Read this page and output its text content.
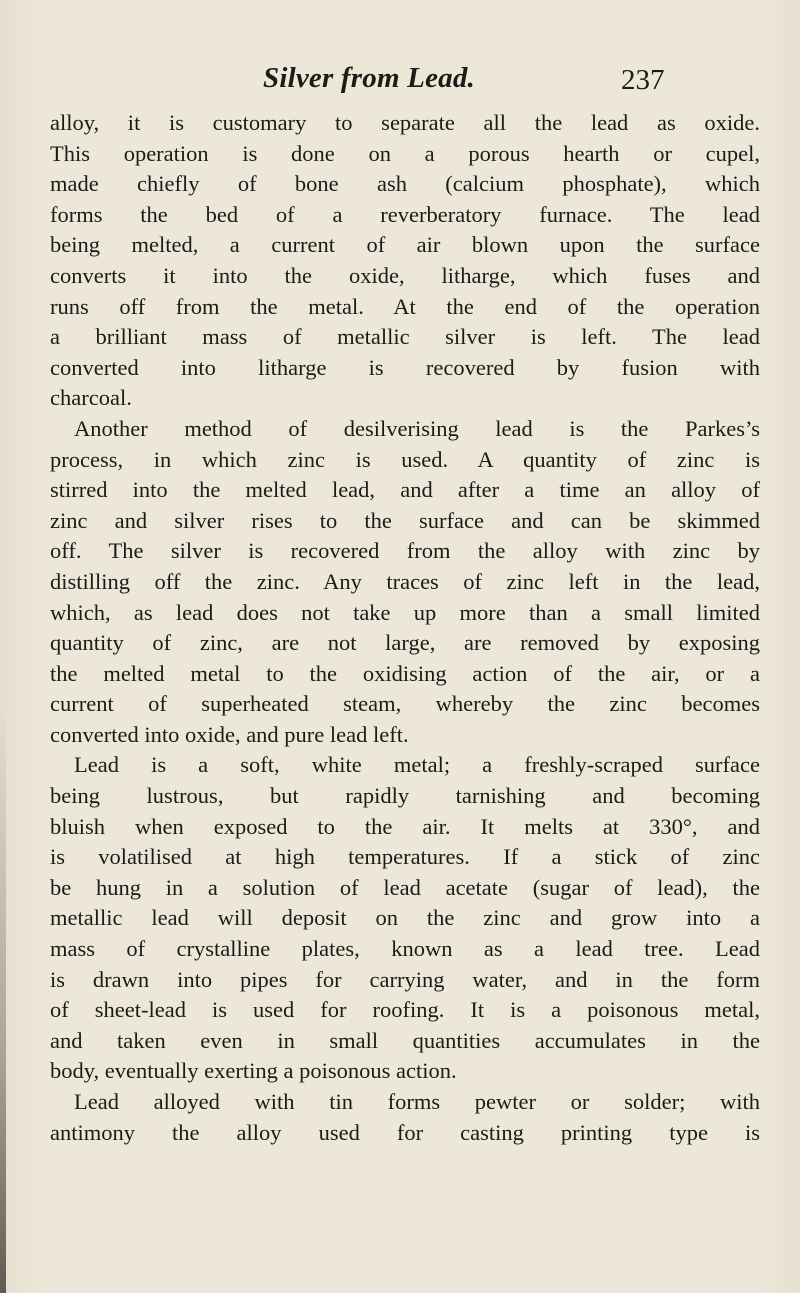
Silver from Lead.	237
alloy, it is customary to separate all the lead as oxide.
This operation is done on a porous hearth or cupel,
made chiefly of bone ash (calcium phosphate), which
forms the bed of a reverberatory furnace. The lead
being melted, a current of air blown upon the surface
converts it into the oxide, litharge, which fuses and
runs off from the metal. At the end of the operation
a brilliant mass of metallic silver is left. The lead
converted into litharge is recovered by fusion with
charcoal.
Another method of desilverising lead is the Parkes’s
process, in which zinc is used. A quantity of zinc is
stirred into the melted lead, and after a time an alloy of
zinc and silver rises to the surface and can be skimmed
off. The silver is recovered from the alloy with zinc by
distilling off the zinc. Any traces of zinc left in the lead,
which, as lead does not take up more than a small limited
quantity of zinc, are not large, are removed by exposing
the melted metal to the oxidising action of the air, or a
current of superheated steam, whereby the zinc becomes
converted into oxide, and pure lead left.
Lead is a soft, white metal; a freshly-scraped surface
being lustrous, but rapidly tarnishing and becoming
bluish when exposed to the air. It melts at 330°, and
is volatilised at high temperatures. If a stick of zinc
be hung in a solution of lead acetate (sugar of lead), the
metallic lead will deposit on the zinc and grow into a
mass of crystalline plates, known as a lead tree. Lead
is drawn into pipes for carrying water, and in the form
of sheet-lead is used for roofing. It is a poisonous metal,
and taken even in small quantities accumulates in the
body, eventually exerting a poisonous action.
Lead alloyed with tin forms pewter or solder; with
antimony the alloy used for casting printing type is
